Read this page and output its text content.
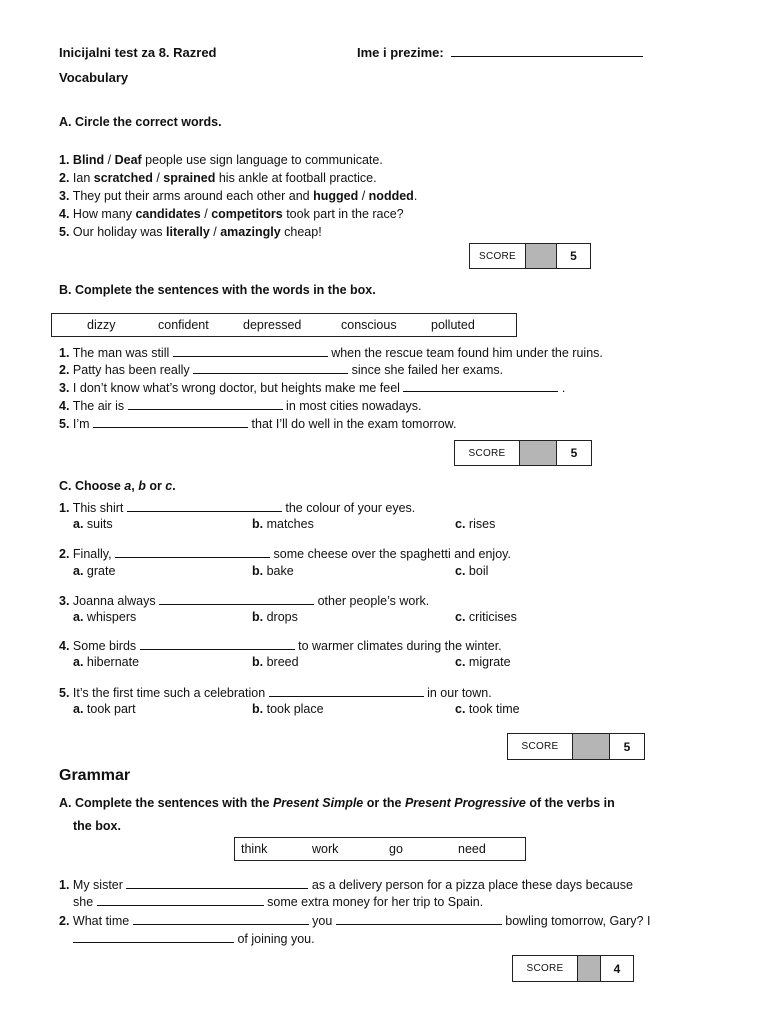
Inicijalni test za 8. Razred	Ime i prezime:
Vocabulary
A. Circle the correct words.
1. Blind / Deaf people use sign language to communicate.
2. Ian scratched / sprained his ankle at football practice.
3. They put their arms around each other and hugged / nodded.
4. How many candidates / competitors took part in the race?
5. Our holiday was literally / amazingly cheap!
SCORE	5
B. Complete the sentences with the words in the box.
dizzy	confident	depressed	conscious	polluted
1. The man was still	when the rescue team found him under the ruins.
2. Patty has been really	since she failed her exams.
3. I don’t know what’s wrong doctor, but heights make me feel	.
4. The air is	in most cities nowadays.
5. I’m	that I’ll do well in the exam tomorrow.
SCORE	5
C. Choose a, b or c.
1. This shirt	the colour of your eyes.
a. suits	b. matches	c. rises
2. Finally,	some cheese over the spaghetti and enjoy.
a. grate	b. bake	c. boil
3. Joanna always	other people’s work.
a. whispers	b. drops	c. criticises
4. Some birds	to warmer climates during the winter.
a. hibernate	b. breed	c. migrate
5. It’s the first time such a celebration	in our town.
a. took part	b. took place	c. took time
SCORE	5
Grammar
A. Complete the sentences with the Present Simple or the Present Progressive of the verbs in
the box.
think	work	go	need
1. My sister	as a delivery person for a pizza place these days because
she	some extra money for her trip to Spain.
2. What time	you	bowling tomorrow, Gary? I
of joining you.
SCORE	4
